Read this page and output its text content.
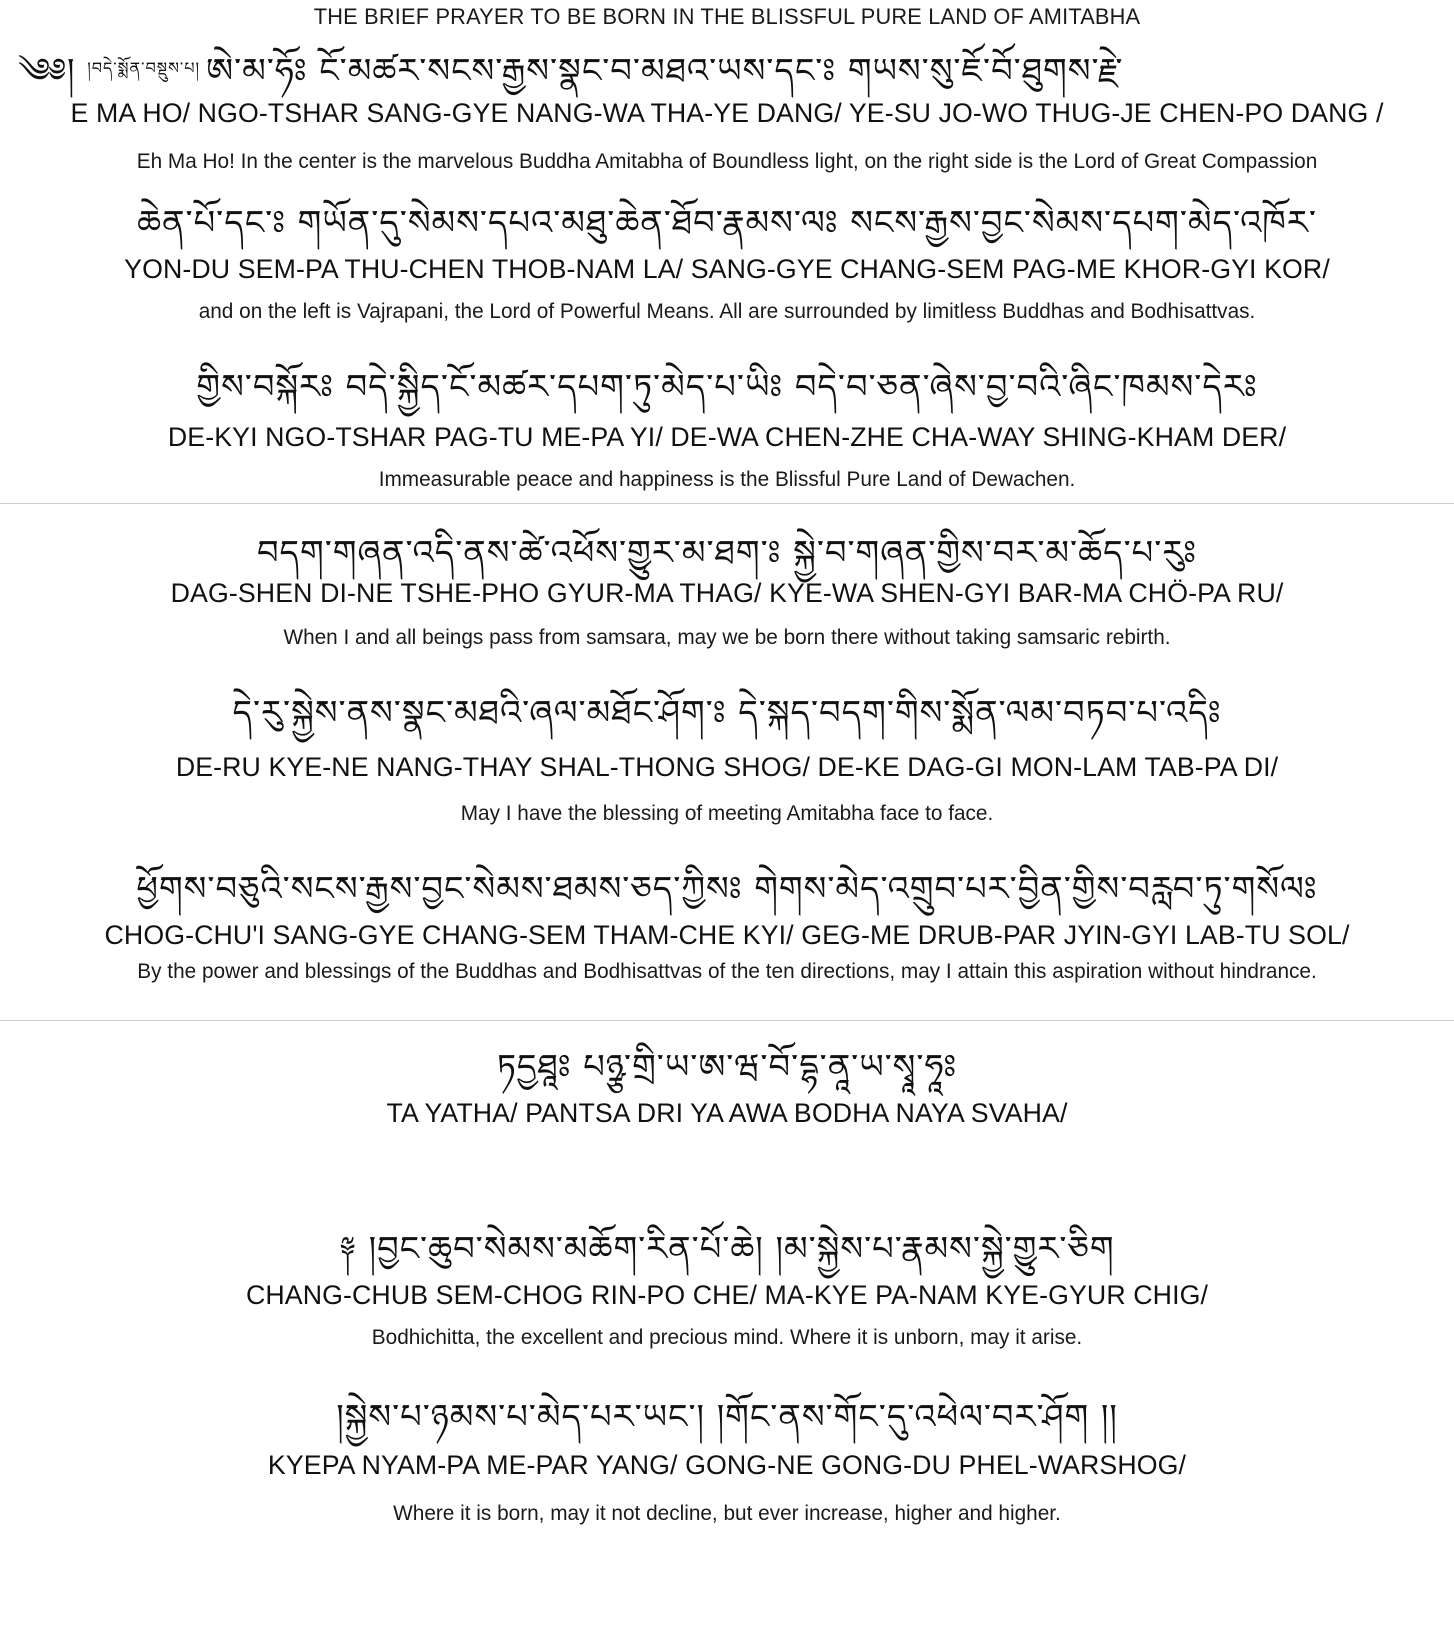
THE BRIEF PRAYER TO BE BORN IN THE BLISSFUL PURE LAND OF AMITABHA
༄༅། །བདེ་སྨོན་བསྡུས་པ། ཨེ་མ་ཧོཿ ངོ་མཚར་སངས་རྒྱས་སྣང་བ་མཐའ་ཡས་དང༌ཿ གཡས་སུ་ཇོ་བོ་ཐུགས་རྗེ་
E MA HO/ NGO-TSHAR SANG-GYE NANG-WA THA-YE DANG/ YE-SU JO-WO THUG-JE CHEN-PO DANG /
Eh Ma Ho! In the center is the marvelous Buddha Amitabha of Boundless light, on the right side is the Lord of Great Compassion
ཆེན་པོ་དང༌ཿ གཡོན་དུ་སེམས་དཔའ་མཐུ་ཆེན་ཐོབ་རྣམས་ལཿ སངས་རྒྱས་བྱང་སེམས་དཔག་མེད་འཁོར་
YON-DU SEM-PA THU-CHEN THOB-NAM LA/ SANG-GYE CHANG-SEM PAG-ME KHOR-GYI KOR/
and on the left is Vajrapani, the Lord of Powerful Means. All are surrounded by limitless Buddhas and Bodhisattvas.
གྱིས་བསྐོརཿ བདེ་སྐྱིད་ངོ་མཚར་དཔག་ཏུ་མེད་པ་ཡིཿ བདེ་བ་ཅན་ཞེས་བྱ་བའི་ཞིང་ཁམས་དེརཿ
DE-KYI NGO-TSHAR PAG-TU ME-PA YI/ DE-WA CHEN-ZHE CHA-WAY SHING-KHAM DER/
Immeasurable peace and happiness is the Blissful Pure Land of Dewachen.
བདག་གཞན་འདི་ནས་ཚེ་འཕོས་གྱུར་མ་ཐག་ཿ སྐྱེ་བ་གཞན་གྱིས་བར་མ་ཆོད་པ་རུཿ
DAG-SHEN DI-NE TSHE-PHO GYUR-MA THAG/ KYE-WA SHEN-GYI BAR-MA CHÖ-PA RU/
When I and all beings pass from samsara, may we be born there without taking samsaric rebirth.
དེ་རུ་སྐྱེས་ནས་སྣང་མཐའི་ཞལ་མཐོང་ཤོག་ཿ དེ་སྐད་བདག་གིས་སྨོན་ལམ་བཏབ་པ་འདིཿ
DE-RU KYE-NE NANG-THAY SHAL-THONG SHOG/ DE-KE DAG-GI MON-LAM TAB-PA DI/
May I have the blessing of meeting Amitabha face to face.
ཕྱོགས་བཅུའི་སངས་རྒྱས་བྱང་སེམས་ཐམས་ཅད་ཀྱིསཿ གེགས་མེད་འགྲུབ་པར་བྱིན་གྱིས་བརླབ་ཏུ་གསོལཿ
CHOG-CHU'I SANG-GYE CHANG-SEM THAM-CHE KYI/ GEG-ME DRUB-PAR JYIN-GYI LAB-TU SOL/
By the power and blessings of the Buddhas and Bodhisattvas of the ten directions, may I attain this aspiration without hindrance.
ཏདྱཐཱཿ པཉྩ་གྲི་ཡ་ཨ་ཝ་བོ་དྷ་ནཱ་ཡ་སྭཱ་ཧཱཿ
TA YATHA/ PANTSA DRI YA AWA BODHA NAYA SVAHA/
༈ །བྱང་ཆུབ་སེམས་མཆོག་རིན་པོ་ཆེ། །མ་སྐྱེས་པ་རྣམས་སྐྱེ་གྱུར་ཅིག
CHANG-CHUB SEM-CHOG RIN-PO CHE/ MA-KYE PA-NAM KYE-GYUR CHIG/
Bodhichitta, the excellent and precious mind. Where it is unborn, may it arise.
།སྐྱེས་པ་ཉམས་པ་མེད་པར་ཡང༌། །གོང་ནས་གོང་དུ་འཕེལ་བར་ཤོག །།
KYEPA NYAM-PA ME-PAR YANG/ GONG-NE GONG-DU PHEL-WARSHOG/
Where it is born, may it not decline, but ever increase, higher and higher.
